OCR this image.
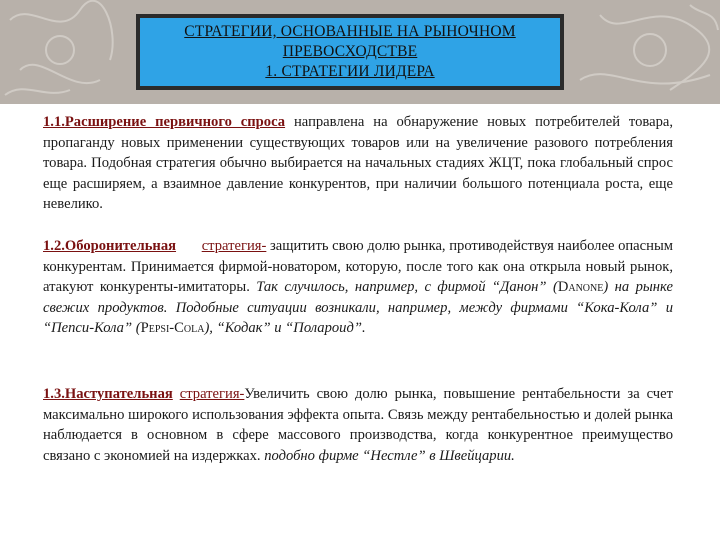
СТРАТЕГИИ, ОСНОВАННЫЕ НА РЫНОЧНОМ
ПРЕВОСХОДСТВЕ
1. СТРАТЕГИИ ЛИДЕРА
1.1.Расширение первичного спроса направлена на обнаружение новых потребителей товара, пропаганду новых применении существующих товаров или на увеличение разового потребления товара. Подобная стратегия обычно выбирается на начальных стадиях ЖЦТ, пока глобальный спрос еще расширяем, а взаимное давление конкурентов, при наличии большого потенциала роста, еще невелико.
1.2.Оборонительная стратегия- защитить свою долю рынка, противодействуя наиболее опасным конкурентам. Принимается фирмой-новатором, которую, после того как она открыла новый рынок, атакуют конкуренты-имитаторы. Так случилось, например, с фирмой “Данон” (Danone) на рынке свежих продуктов. Подобные ситуации возникали, например, между фирмами “Кока-Кола” и “Пепси-Кола” (Pepsi-Cola), “Кодак” и “Полароид”.
1.3.Наступательная стратегия-Увеличить свою долю рынка, повышение рентабельности за счет максимально широкого использования эффекта опыта. Связь между рентабельностью и долей рынка наблюдается в основном в сфере массового производства, когда конкурентное преимущество связано с экономией на издержках. подобно фирме “Нестле” в Швейцарии.
